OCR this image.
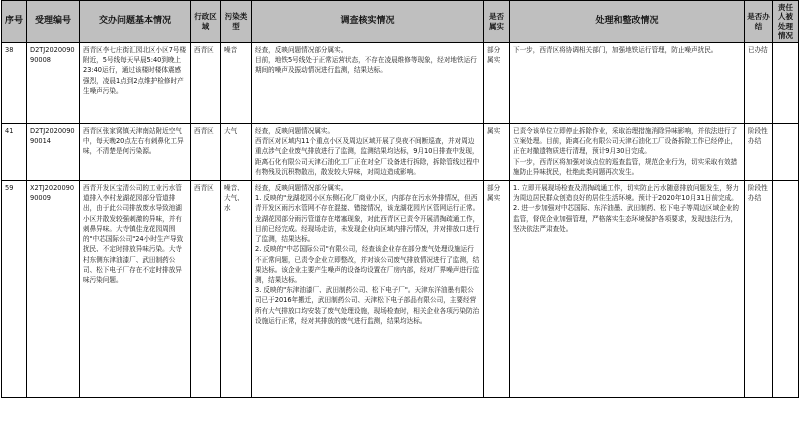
序号	受理编号	交办问题基本情况	行政区域	污染类型	调查核实情况	是否属实	处理和整改情况	是否办结	责任人被处理情况
38	D2TJ202009090008	西青区李七庄街汇园北区小区7号楼附近，5号线每天早晨5:40到晚上23:40运行，通过该楼时楼体震感强烈，凌晨1点到2点维护检修时产生噪声污染。	西青区	噪音	经查，反映问题情况部分属实。
目前，地铁5号线处于正常运营状态，不存在凌晨维修等现象，经对地铁运行期间的噪声及振动情况进行监测，结果达标。	部分属实	下一步，西青区将协调相关部门，加强地铁运行管理，防止噪声扰民。	已办结	
41	D2TJ202009090014	西青区张家窝镇天津南站附近空气中，每天晚20点左右有刺鼻化工异味，不清楚是何污染源。	西青区	大气	经查，反映问题情况属实。
西青区对区域内11个重点小区及周边区域开展了臭夜不间断巡查，并对周边重点涉气企业废气排放进行了监测，监测结果均达标，9月10日排查中发现，距离石化有限公司天津石油化工厂正在对全厂设备进行拆除，拆除管线过程中有物残及沉积物散出，散发较大异味，对周边造成影响。	属实	已责令该单位立即停止拆除作业，采取治理措施消除异味影响，并依法进行了立案处理。目前，距离石化有限公司天津石油化工厂设备拆除工作已经停止，正在对撤遗物质进行清理，预计9月30日完成。
下一步，西青区将加强对该点位的巡查监管，规范企业行为，切实采取有效措施防止异味扰民，杜绝此类问题再次发生。	阶段性办结	
59	X2TJ202009090009	西青开发区宝清公司的工业污水管道排入李村龙湖花园部分管道排出，由于此公司排放废水导致池湖小区并散发较强刺激的异味，并有刺鼻异味。大寺镇佳龙花园周围的"中芯国际公司"24小时生产导致扰民、不定时排放异味污染。大寺村东侧东津油漆厂、武田制药公司、松下电子厂存在不定时排放异味污染问题。	西青区	噪音、大气、水	经查，反映问题情况部分属实。
1. 反映的"龙湖花园小区东侧石化厂商业小区，内部存在污水外排情况，但西青开发区雨污水管网不存在混接、错接情况，该龙湖花园片区管网运行正常。龙湖花园部分雨污管道存在堵塞现象，对此西青区已责令开展清掏疏通工作，目前已经完成。经现场走访，未发现企业向区域内排污情况，并对排放口进行了监测，结果达标。
2. 反映的"中芯国际公司"有限公司，经查该企业存在部分废气处理设施运行不正常问题，已责令企业立即整改，并对该公司废气排放情况进行了监测，结果达标。该企业主要产生噪声的设备均设置在厂房内部，经对厂界噪声进行监测，结果达标。
3. 反映的"东津油漆厂、武田制药公司、松下电子厂"。天津东洋油墨有限公司已于2016年搬迁，武田制药公司、天津松下电子部品有限公司，主要经营所有大气排放口均安装了废气处理设施，现场检查时，相关企业各项污染防治设施运行正常，经对其排放的废气进行监测，结果均达标。	部分属实	1. 立即开展现场检查及清掏疏通工作，切实防止污水随意排放问题发生，努力为周边居民群众创造良好的居住生活环境。预计于2020年10月31日前完成。
2. 进一步加强对中芯国际、东洋油墨、武田制药、松下电子等周边区域企业的监管，督促企业加强管理，严格落实生态环境保护各项要求，发现违法行为，坚决依法严肃查处。	阶段性办结	
